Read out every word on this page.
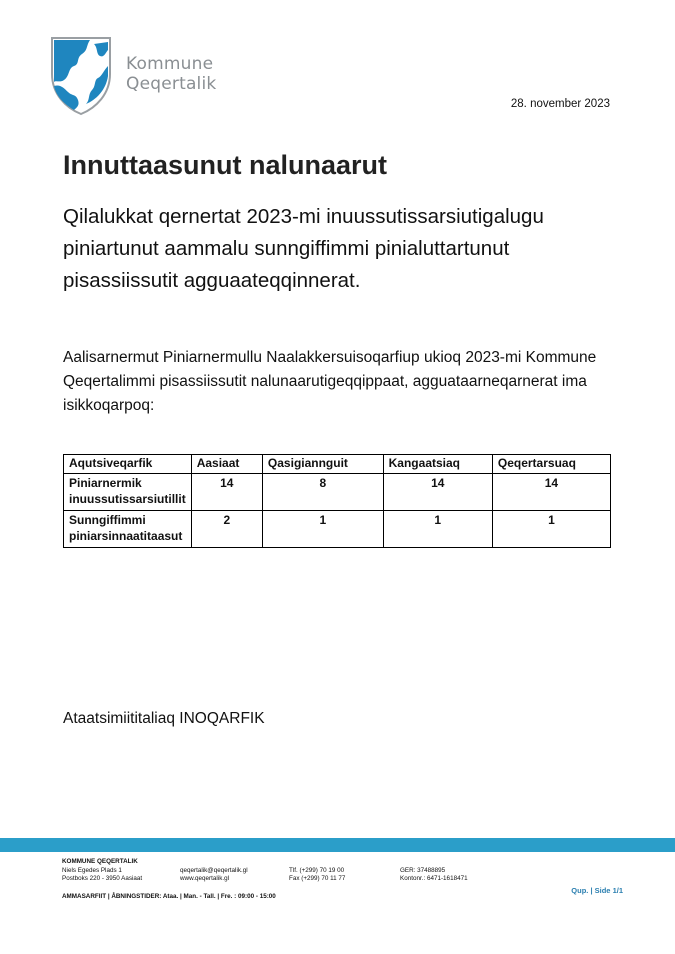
Kommune
Qeqertalik
28. november 2023
Innuttaasunut nalunaarut

Qilalukkat qernertat 2023-mi inuussutissarsiutigalugu piniartunut aammalu sunngiffimmi pinialuttartunut pisassiissutit agguaateqqinnerat.

Aalisarnermut Piniarnermullu Naalakkersuisoqarfiup ukioq 2023-mi Kommune Qeqertalimmi pisassiissutit nalunaarutigeqqippaat, agguataarneqarnerat ima isikkoqarpoq:

Aqutsiveqarfik	Aasiaat	Qasigiannguit	Kangaatsiaq	Qeqertarsuaq
Piniarnermik inuussutissarsiutillit	14	8	14	14
Sunngiffimmi piniarsinnaatitaasut	2	1	1	1
Ataatsimiititaliaq INOQARFIK
KOMMUNE QEQERTALIK
Niels Egedes Plads 1
Postboks 220 - 3950 Aasiaat
qeqertalik@qeqertalik.gl
www.qeqertalik.gl
Tlf. (+299) 70 19 00
Fax (+299) 70 11 77
GER: 37488895
Kontonr.: 6471-1618471
AMMASARFIIT | ÅBNINGSTIDER: Ataa. | Man. - Tall. | Fre. : 09:00 - 15:00
Qup. | Side 1/1
